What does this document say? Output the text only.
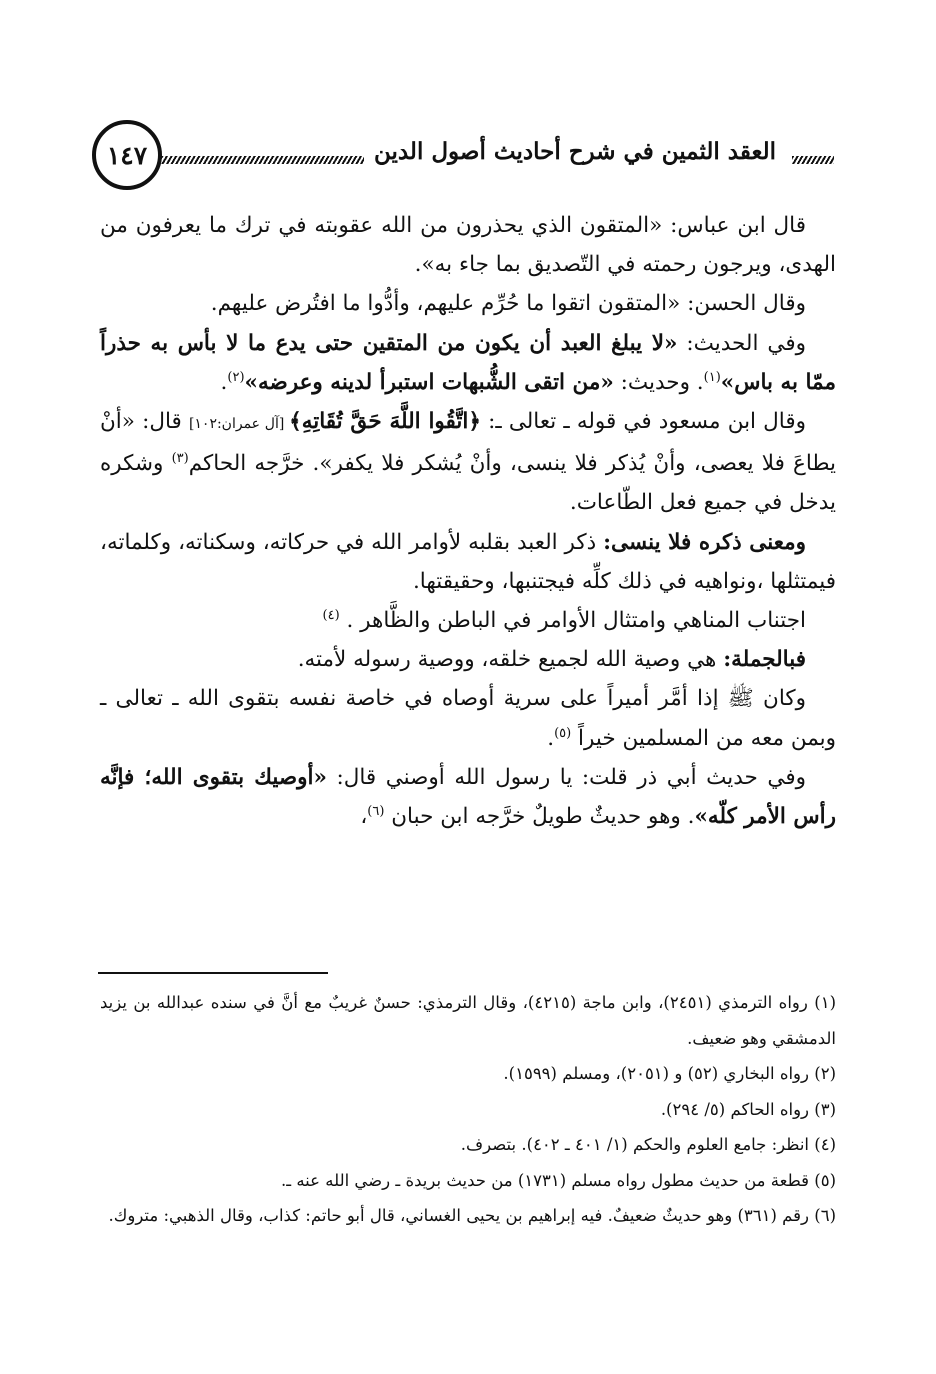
١٤٧	العقد الثمين في شرح أحاديث أصول الدين

قال ابن عباس: «المتقون الذي يحذرون من الله عقوبته في ترك ما يعرفون من الهدى، ويرجون رحمته في التّصديق بما جاء به».

وقال الحسن: «المتقون اتقوا ما حُرِّم عليهم، وأدُّوا ما افتُرض عليهم.

وفي الحديث: «لا يبلغ العبد أن يكون من المتقين حتى يدع ما لا بأس به حذراً ممّا به باس»$^{(١)}$. وحديث: «من اتقى الشُّبهات استبرأ لدينه وعرضه»$^{(٢)}$.

وقال ابن مسعود في قوله ـ تعالى ـ: ﴿اتَّقُوا اللَّهَ حَقَّ تُقَاتِهِ﴾ [آل عمران:١٠٢] قال: «أنْ يطاعَ فلا يعصى، وأنْ يُذكر فلا ينسى، وأنْ يُشكر فلا يكفر». خرَّجه الحاكم$^{(٣)}$ وشكره يدخل في جميع فعل الطّاعات.

ومعنى ذكره فلا ينسى: ذكر العبد بقلبه لأوامر الله في حركاته، وسكناته، وكلماته، فيمتثلها ،ونواهيه في ذلك كلِّه فيجتنبها، وحقيقتها.

اجتناب المناهي وامتثال الأوامر في الباطن والظَّاهر . $^{(٤)}$

فبالجملة: هي وصية الله لجميع خلقه، ووصية رسوله لأمته.

وكان ﷺ إذا أمَّر أميراً على سرية أوصاه في خاصة نفسه بتقوى الله ـ تعالى ـ وبمن معه من المسلمين خيراً $^{(٥)}$.

وفي حديث أبي ذر قلت: يا رسول الله أوصني قال: «أوصيك بتقوى الله؛ فإنَّه رأس الأمر كلّه». وهو حديثٌ طويلٌ خرَّجه ابن حبان $^{(٦)}$،

(١) رواه الترمذي (٢٤٥١)، وابن ماجة (٤٢١٥)، وقال الترمذي: حسنٌ غريبٌ مع أنَّ في سنده عبدالله بن يزيد الدمشقي وهو ضعيف.

(٢) رواه البخاري (٥٢) و (٢٠٥١)، ومسلم (١٥٩٩).

(٣) رواه الحاكم (٥/ ٢٩٤).

(٤) انظر: جامع العلوم والحكم (١/ ٤٠١ ـ ٤٠٢). بتصرف.

(٥) قطعة من حديث مطول رواه مسلم (١٧٣١) من حديث بريدة ـ رضي الله عنه ـ.

(٦) رقم (٣٦١) وهو حديثٌ ضعيفٌ. فيه إبراهيم بن يحيى الغساني، قال أبو حاتم: كذاب، وقال الذهبي: متروك.
